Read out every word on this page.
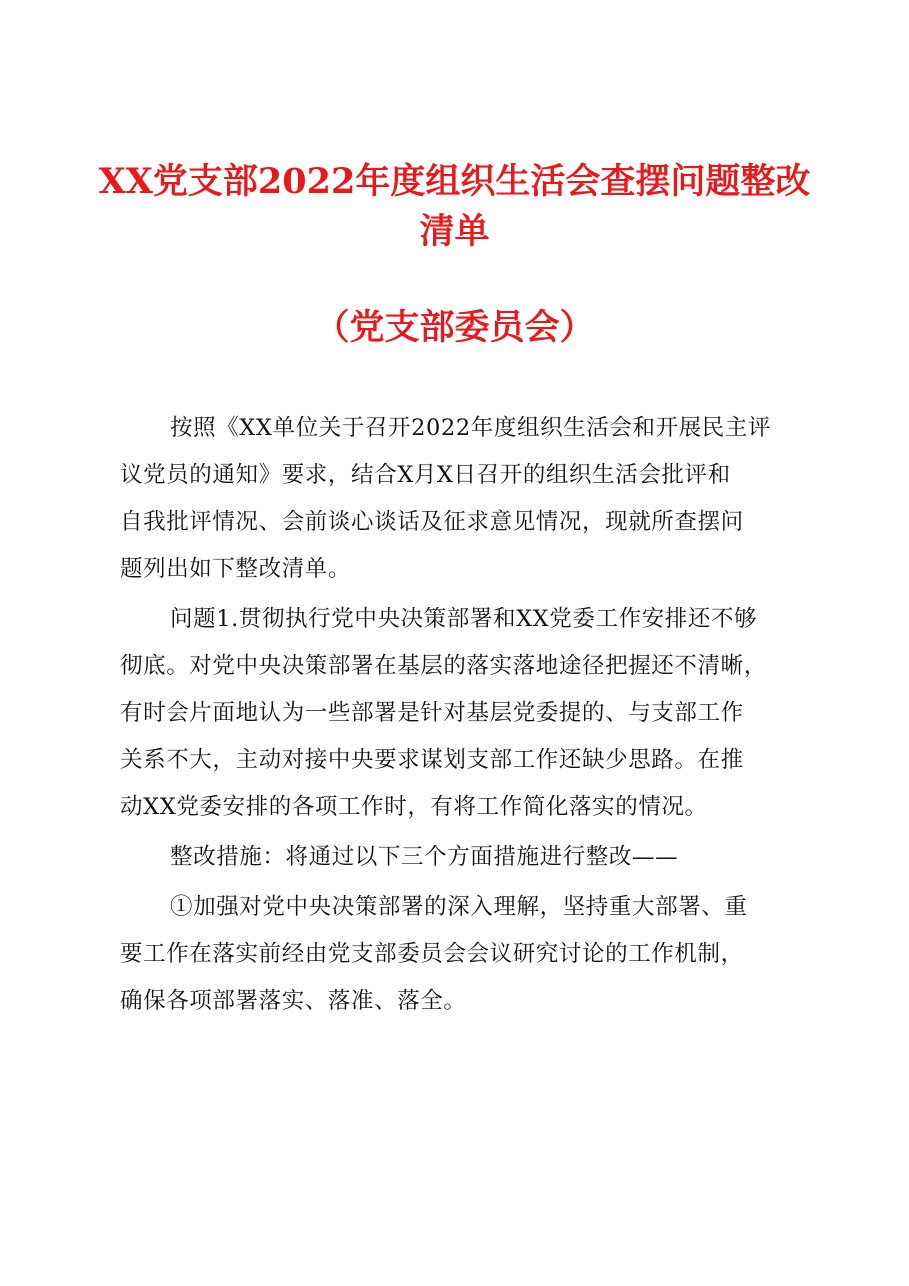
XX党支部2022年度组织生活会查摆问题整改
清单
（党支部委员会）
按照《XX单位关于召开2022年度组织生活会和开展民主评
议党员的通知》要求，结合X月X日召开的组织生活会批评和
自我批评情况、会前谈心谈话及征求意见情况，现就所查摆问
题列出如下整改清单。
问题1.贯彻执行党中央决策部署和XX党委工作安排还不够
彻底。对党中央决策部署在基层的落实落地途径把握还不清晰，
有时会片面地认为一些部署是针对基层党委提的、与支部工作
关系不大，主动对接中央要求谋划支部工作还缺少思路。在推
动XX党委安排的各项工作时，有将工作简化落实的情况。
整改措施：将通过以下三个方面措施进行整改——
①加强对党中央决策部署的深入理解，坚持重大部署、重
要工作在落实前经由党支部委员会会议研究讨论的工作机制，
确保各项部署落实、落准、落全。
